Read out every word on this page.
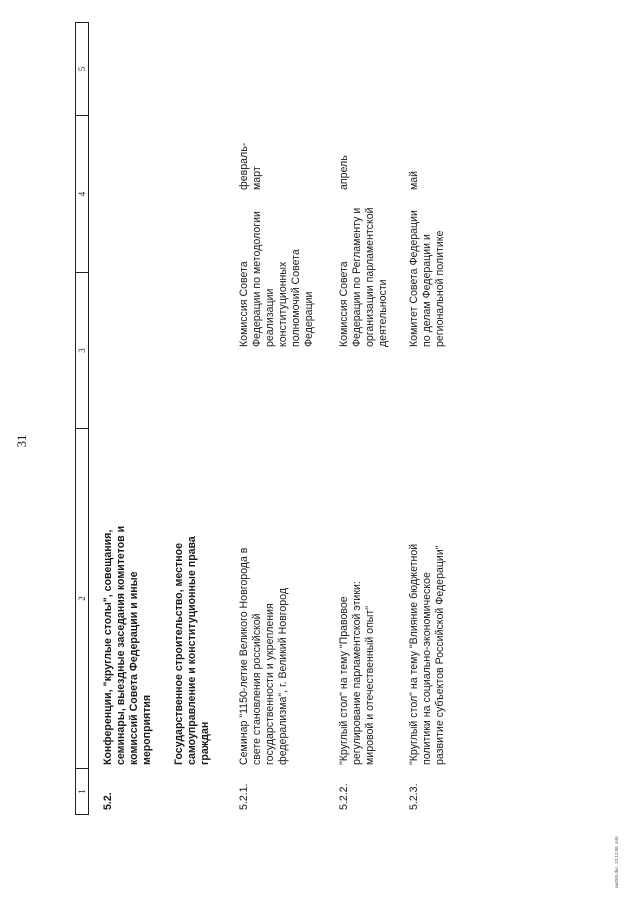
31
1
2
3
4
5
5.2.
Конференции, "круглые столы", совещания,
семинары, выездные заседания комитетов и
комиссий Совета Федерации и иные
мероприятия Государственное строительство, местное
самоуправление и конституционные права
граждан
5.2.1.
Семинар "1150-летие Великого Новгорода в
свете становления российской
государственности и укрепления
федерализма", г. Великий Новгород
Комиссия Совета
Федерации по методологии
реализации
конституционных
полномочий Совета
Федерации
февраль-
март
5.2.2.
"Круглый стол" на тему "Правовое
регулирование парламентской этики:
мировой и отечественный опыт"
Комиссия Совета
Федерации по Регламенту и
организации парламентской
деятельности
апрель
5.2.3.
"Круглый стол" на тему "Влияние бюджетной
политики на социально-экономическое
развитие субъектов Российской Федерации"
Комитет Совета Федерации
по делам Федерации и
региональной политике
май
oм265.doc  23.12.08  446
